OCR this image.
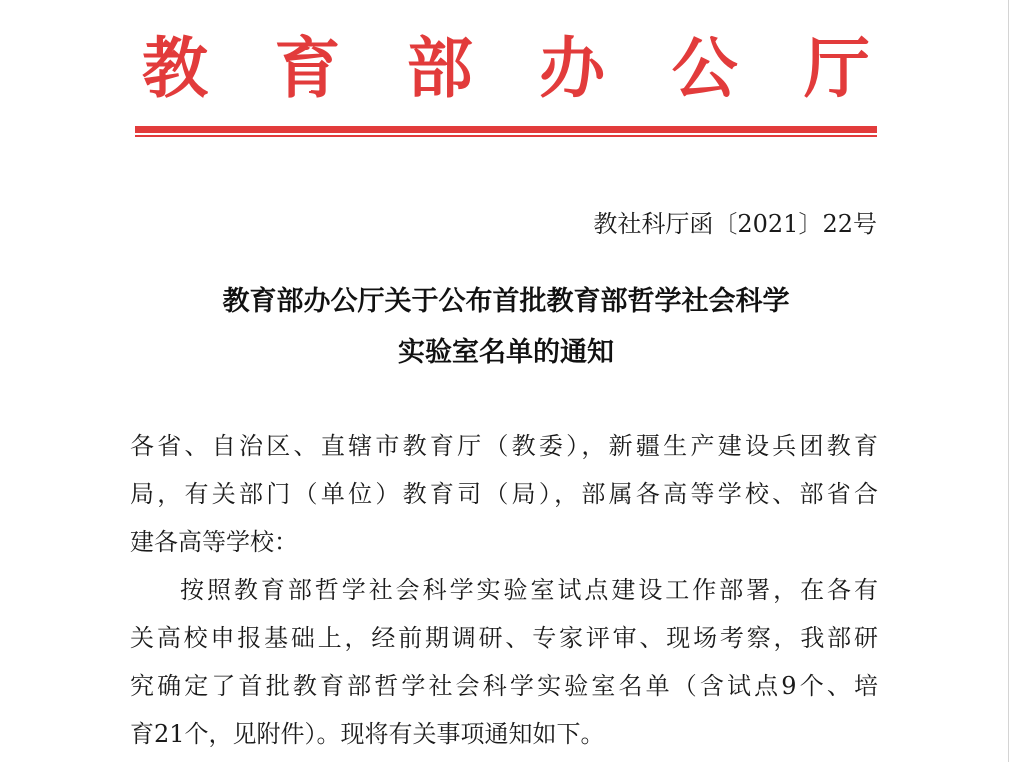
教 育 部 办 公 厅
教社科厅函〔2021〕22号
教育部办公厅关于公布首批教育部哲学社会科学
实验室名单的通知
各省、自治区、直辖市教育厅（教委），新疆生产建设兵团教育
局，有关部门（单位）教育司（局），部属各高等学校、部省合
建各高等学校：
按照教育部哲学社会科学实验室试点建设工作部署，在各有
关高校申报基础上，经前期调研、专家评审、现场考察，我部研
究确定了首批教育部哲学社会科学实验室名单（含试点9个、培
育21个，见附件）。现将有关事项通知如下。
